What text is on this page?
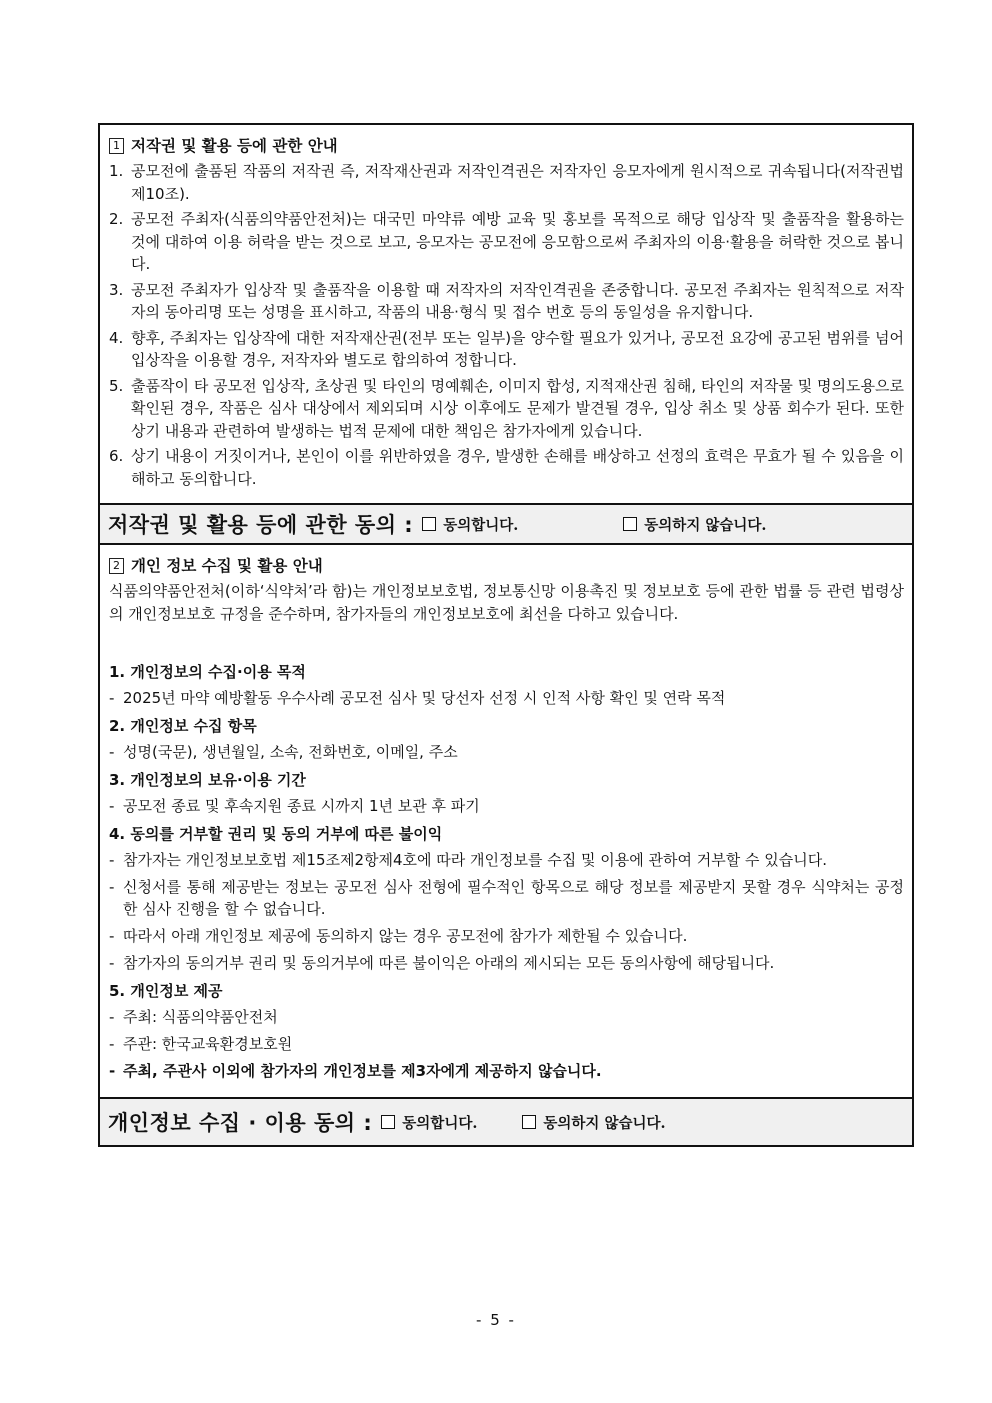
1 저작권 및 활용 등에 관한 안내
1. 공모전에 출품된 작품의 저작권 즉, 저작재산권과 저작인격권은 저작자인 응모자에게 원시적으로 귀속됩니다(저작권법 제10조).
2. 공모전 주최자(식품의약품안전처)는 대국민 마약류 예방 교육 및 홍보를 목적으로 해당 입상작 및 출품작을 활용하는 것에 대하여 이용 허락을 받는 것으로 보고, 응모자는 공모전에 응모함으로써 주최자의 이용·활용을 허락한 것으로 봅니다.
3. 공모전 주최자가 입상작 및 출품작을 이용할 때 저작자의 저작인격권을 존중합니다. 공모전 주최자는 원칙적으로 저작자의 동아리명 또는 성명을 표시하고, 작품의 내용·형식 및 접수 번호 등의 동일성을 유지합니다.
4. 향후, 주최자는 입상작에 대한 저작재산권(전부 또는 일부)을 양수할 필요가 있거나, 공모전 요강에 공고된 범위를 넘어 입상작을 이용할 경우, 저작자와 별도로 합의하여 정합니다.
5. 출품작이 타 공모전 입상작, 초상권 및 타인의 명예훼손, 이미지 합성, 지적재산권 침해, 타인의 저작물 및 명의도용으로 확인된 경우, 작품은 심사 대상에서 제외되며 시상 이후에도 문제가 발견될 경우, 입상 취소 및 상품 회수가 된다. 또한 상기 내용과 관련하여 발생하는 법적 문제에 대한 책임은 참가자에게 있습니다.
6. 상기 내용이 거짓이거나, 본인이 이를 위반하였을 경우, 발생한 손해를 배상하고 선정의 효력은 무효가 될 수 있음을 이해하고 동의합니다.
저작권 및 활용 등에 관한 동의 : 동의합니다.	동의하지 않습니다.
2 개인 정보 수집 및 활용 안내

식품의약품안전처(이하‘식약처’라 함)는 개인정보보호법, 정보통신망 이용촉진 및 정보보호 등에 관한 법률 등 관련 법령상의 개인정보보호 규정을 준수하며, 참가자들의 개인정보보호에 최선을 다하고 있습니다.

1. 개인정보의 수집·이용 목적
- 2025년 마약 예방활동 우수사례 공모전 심사 및 당선자 선정 시 인적 사항 확인 및 연락 목적
2. 개인정보 수집 항목
- 성명(국문), 생년월일, 소속, 전화번호, 이메일, 주소
3. 개인정보의 보유·이용 기간
- 공모전 종료 및 후속지원 종료 시까지 1년 보관 후 파기
4. 동의를 거부할 권리 및 동의 거부에 따른 불이익
- 참가자는 개인정보보호법 제15조제2항제4호에 따라 개인정보를 수집 및 이용에 관하여 거부할 수 있습니다.
- 신청서를 통해 제공받는 정보는 공모전 심사 전형에 필수적인 항목으로 해당 정보를 제공받지 못할 경우 식약처는 공정한 심사 진행을 할 수 없습니다.
- 따라서 아래 개인정보 제공에 동의하지 않는 경우 공모전에 참가가 제한될 수 있습니다.
- 참가자의 동의거부 권리 및 동의거부에 따른 불이익은 아래의 제시되는 모든 동의사항에 해당됩니다.
5. 개인정보 제공
- 주최: 식품의약품안전처
- 주관: 한국교육환경보호원
- 주최, 주관사 이외에 참가자의 개인정보를 제3자에게 제공하지 않습니다.
개인정보 수집 · 이용 동의 : 동의합니다.	동의하지 않습니다.
- 5 -
